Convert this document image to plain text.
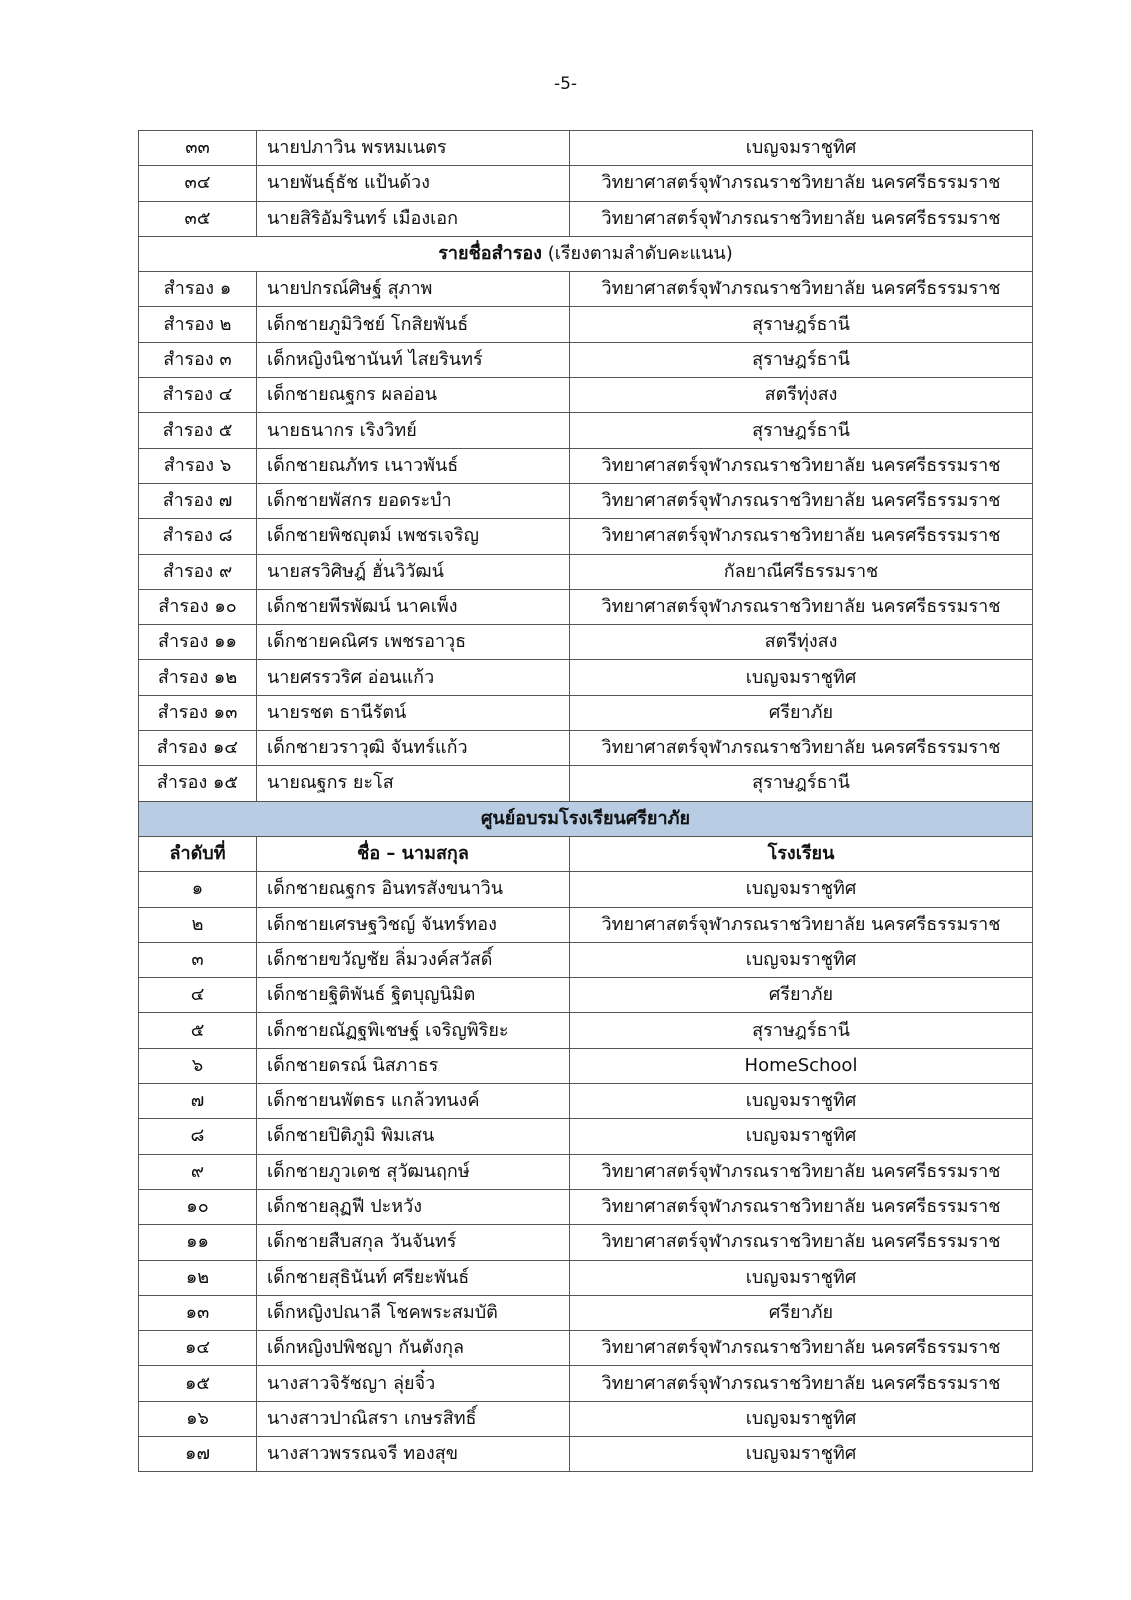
-5-
๓๓	นายปภาวิน พรหมเนตร	เบญจมราชูทิศ
๓๔	นายพันธุ์ธัช แป้นด้วง	วิทยาศาสตร์จุฬาภรณราชวิทยาลัย นครศรีธรรมราช
๓๕	นายสิริอัมรินทร์ เมืองเอก	วิทยาศาสตร์จุฬาภรณราชวิทยาลัย นครศรีธรรมราช
รายชื่อสำรอง (เรียงตามลำดับคะแนน)		
สำรอง ๑	นายปกรณ์ศิษฐ์ สุภาพ	วิทยาศาสตร์จุฬาภรณราชวิทยาลัย นครศรีธรรมราช
สำรอง ๒	เด็กชายภูมิวิชย์ โกสิยพันธ์	สุราษฎร์ธานี
สำรอง ๓	เด็กหญิงนิชานันท์ ไสยรินทร์	สุราษฎร์ธานี
สำรอง ๔	เด็กชายณฐกร ผลอ่อน	สตรีทุ่งสง
สำรอง ๕	นายธนากร เริงวิทย์	สุราษฎร์ธานี
สำรอง ๖	เด็กชายณภัทร เนาวพันธ์	วิทยาศาสตร์จุฬาภรณราชวิทยาลัย นครศรีธรรมราช
สำรอง ๗	เด็กชายพัสกร ยอดระบำ	วิทยาศาสตร์จุฬาภรณราชวิทยาลัย นครศรีธรรมราช
สำรอง ๘	เด็กชายพิชญุตม์ เพชรเจริญ	วิทยาศาสตร์จุฬาภรณราชวิทยาลัย นครศรีธรรมราช
สำรอง ๙	นายสรวิศิษฎ์ ฮั่นวิวัฒน์	กัลยาณีศรีธรรมราช
สำรอง ๑๐	เด็กชายพีรพัฒน์ นาคเพ็ง	วิทยาศาสตร์จุฬาภรณราชวิทยาลัย นครศรีธรรมราช
สำรอง ๑๑	เด็กชายคณิศร เพชรอาวุธ	สตรีทุ่งสง
สำรอง ๑๒	นายศรรวริศ อ่อนแก้ว	เบญจมราชูทิศ
สำรอง ๑๓	นายรชต ธานีรัตน์	ศรียาภัย
สำรอง ๑๔	เด็กชายวราวุฒิ จันทร์แก้ว	วิทยาศาสตร์จุฬาภรณราชวิทยาลัย นครศรีธรรมราช
สำรอง ๑๕	นายณฐกร ยะโส	สุราษฎร์ธานี
ศูนย์อบรมโรงเรียนศรียาภัย		
ลำดับที่	ชื่อ – นามสกุล	โรงเรียน
๑	เด็กชายณฐกร อินทรสังขนาวิน	เบญจมราชูทิศ
๒	เด็กชายเศรษฐวิชญ์ จันทร์ทอง	วิทยาศาสตร์จุฬาภรณราชวิทยาลัย นครศรีธรรมราช
๓	เด็กชายขวัญชัย ลิ่มวงค์สวัสดิ์	เบญจมราชูทิศ
๔	เด็กชายฐิติพันธ์ ฐิตบุญนิมิต	ศรียาภัย
๕	เด็กชายณัฏฐพิเชษฐ์ เจริญพิริยะ	สุราษฎร์ธานี
๖	เด็กชายดรณ์ นิสภาธร	HomeSchool
๗	เด็กชายนพัตธร แกล้วทนงค์	เบญจมราชูทิศ
๘	เด็กชายปิติภูมิ พิมเสน	เบญจมราชูทิศ
๙	เด็กชายภูวเดช สุวัฒนฤกษ์	วิทยาศาสตร์จุฬาภรณราชวิทยาลัย นครศรีธรรมราช
๑๐	เด็กชายลุฏฟี ปะหวัง	วิทยาศาสตร์จุฬาภรณราชวิทยาลัย นครศรีธรรมราช
๑๑	เด็กชายสืบสกุล วันจันทร์	วิทยาศาสตร์จุฬาภรณราชวิทยาลัย นครศรีธรรมราช
๑๒	เด็กชายสุธินันท์ ศรียะพันธ์	เบญจมราชูทิศ
๑๓	เด็กหญิงปณาลี โชคพระสมบัติ	ศรียาภัย
๑๔	เด็กหญิงปพิชญา กันตังกุล	วิทยาศาสตร์จุฬาภรณราชวิทยาลัย นครศรีธรรมราช
๑๕	นางสาวจิรัชญา ลุ่ยจิ๋ว	วิทยาศาสตร์จุฬาภรณราชวิทยาลัย นครศรีธรรมราช
๑๖	นางสาวปาณิสรา เกษรสิทธิ์	เบญจมราชูทิศ
๑๗	นางสาวพรรณจรี ทองสุข	เบญจมราชูทิศ
